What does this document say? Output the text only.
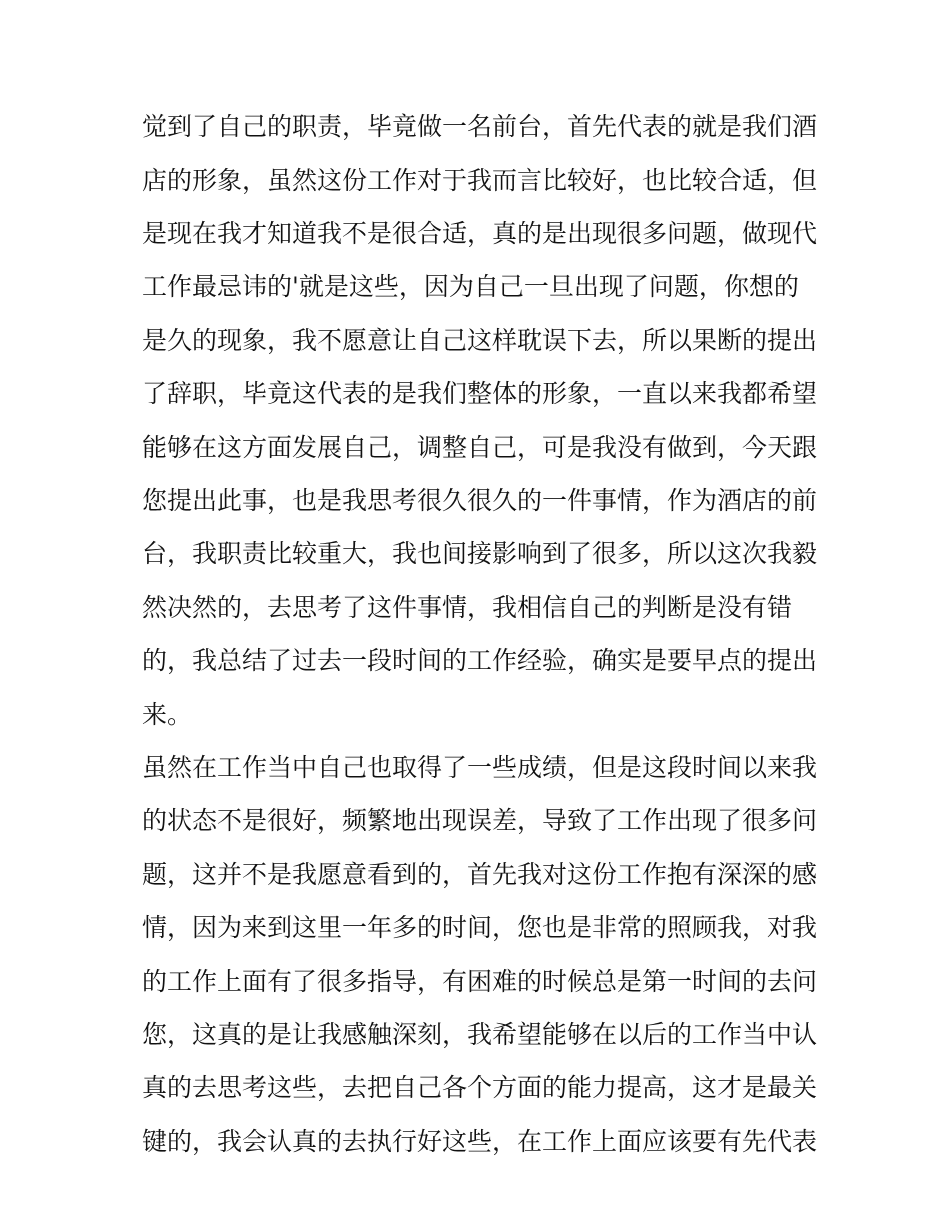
觉到了自己的职责，毕竟做一名前台，首先代表的就是我们酒
店的形象，虽然这份工作对于我而言比较好，也比较合适，但
是现在我才知道我不是很合适，真的是出现很多问题，做现代
工作最忌讳的'就是这些，因为自己一旦出现了问题，你想的
是久的现象，我不愿意让自己这样耽误下去，所以果断的提出
了辞职，毕竟这代表的是我们整体的形象，一直以来我都希望
能够在这方面发展自己，调整自己，可是我没有做到，今天跟
您提出此事，也是我思考很久很久的一件事情，作为酒店的前
台，我职责比较重大，我也间接影响到了很多，所以这次我毅
然决然的，去思考了这件事情，我相信自己的判断是没有错
的，我总结了过去一段时间的工作经验，确实是要早点的提出
来。
虽然在工作当中自己也取得了一些成绩，但是这段时间以来我
的状态不是很好，频繁地出现误差，导致了工作出现了很多问
题，这并不是我愿意看到的，首先我对这份工作抱有深深的感
情，因为来到这里一年多的时间，您也是非常的照顾我，对我
的工作上面有了很多指导，有困难的时候总是第一时间的去问
您，这真的是让我感触深刻，我希望能够在以后的工作当中认
真的去思考这些，去把自己各个方面的能力提高，这才是最关
键的，我会认真的去执行好这些，在工作上面应该要有先代表
